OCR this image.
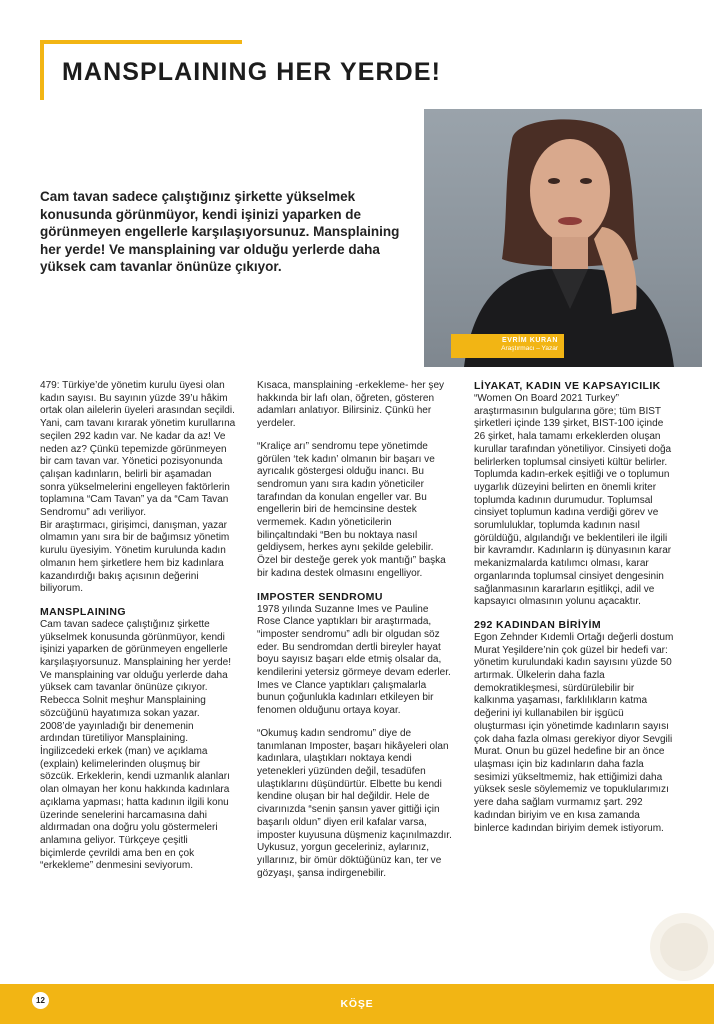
MANSPLAINING HER YERDE!
Cam tavan sadece çalıştığınız şirkette yükselmek konusunda görünmüyor, kendi işinizi yaparken de görünmeyen engellerle karşılaşıyorsunuz. Mansplaining her yerde! Ve mansplaining var olduğu yerlerde daha yüksek cam tavanlar önünüze çıkıyor.
EVRİM KURAN
Araştırmacı – Yazar

479: Türkiye’de yönetim kurulu üyesi olan kadın sayısı. Bu sayının yüzde 39’u hâkim ortak olan ailelerin üyeleri arasından seçildi. Yani, cam tavanı kırarak yönetim kurullarına seçilen 292 kadın var. Ne kadar da az! Ve neden az? Çünkü tepemizde görünmeyen bir cam tavan var. Yönetici pozisyonunda çalışan kadınların, belirli bir aşamadan sonra yükselmelerini engelleyen faktörlerin toplamına “Cam Tavan” ya da “Cam Tavan Sendromu” adı veriliyor.

Bir araştırmacı, girişimci, danışman, yazar olmamın yanı sıra bir de bağımsız yönetim kurulu üyesiyim. Yönetim kurulunda kadın olmanın hem şirketlere hem biz kadınlara kazandırdığı bakış açısının değerini biliyorum.

MANSPLAINING

Cam tavan sadece çalıştığınız şirkette yükselmek konusunda görünmüyor, kendi işinizi yaparken de görünmeyen engellerle karşılaşıyorsunuz. Mansplaining her yerde! Ve mansplaining var olduğu yerlerde daha yüksek cam tavanlar önünüze çıkıyor. Rebecca Solnit meşhur Mansplaining sözcüğünü hayatımıza sokan yazar. 2008’de yayınladığı bir denemenin ardından türetiliyor Mansplaining. İngilizcedeki erkek (man) ve açıklama (explain) kelimelerinden oluşmuş bir sözcük. Erkeklerin, kendi uzmanlık alanları olan olmayan her konu hakkında kadınlara açıklama yapması; hatta kadının ilgili konu üzerinde senelerini harcamasına dahi aldırmadan ona doğru yolu göstermeleri anlamına geliyor. Türkçeye çeşitli biçimlerde çevrildi ama ben en çok “erkekleme” denmesini seviyorum.

Kısaca, mansplaining -erkekleme- her şey hakkında bir lafı olan, öğreten, gösteren adamları anlatıyor. Bilirsiniz. Çünkü her yerdeler.

“Kraliçe arı” sendromu tepe yönetimde görülen ‘tek kadın’ olmanın bir başarı ve ayrıcalık göstergesi olduğu inancı. Bu sendromun yanı sıra kadın yöneticiler tarafından da konulan engeller var. Bu engellerin biri de hemcinsine destek vermemek. Kadın yöneticilerin bilinçaltındaki “Ben bu noktaya nasıl geldiysem, herkes aynı şekilde gelebilir. Özel bir desteğe gerek yok mantığı” başka bir kadına destek olmasını engelliyor.

IMPOSTER SENDROMU

1978 yılında Suzanne Imes ve Pauline Rose Clance yaptıkları bir araştırmada, “imposter sendromu” adlı bir olgudan söz eder. Bu sendromdan dertli bireyler hayat boyu sayısız başarı elde etmiş olsalar da, kendilerini yetersiz görmeye devam ederler. Imes ve Clance yaptıkları çalışmalarla bunun çoğunlukla kadınları etkileyen bir fenomen olduğunu ortaya koyar.

“Okumuş kadın sendromu” diye de tanımlanan Imposter, başarı hikâyeleri olan kadınlara, ulaştıkları noktaya kendi yetenekleri yüzünden değil, tesadüfen ulaştıklarını düşündürtür. Elbette bu kendi kendine oluşan bir hal değildir. Hele de civarınızda “senin şansın yaver gittiği için başarılı oldun” diyen eril kafalar varsa, imposter kuyusuna düşmeniz kaçınılmazdır. Uykusuz, yorgun geceleriniz, aylarınız, yıllarınız, bir ömür döktüğünüz kan, ter ve gözyaşı, şansa indirgenebilir.

LİYAKAT, KADIN VE KAPSAYICILIK

“Women On Board 2021 Turkey” araştırmasının bulgularına göre; tüm BIST şirketleri içinde 139 şirket, BIST-100 içinde 26 şirket, hala tamamı erkeklerden oluşan kurullar tarafından yönetiliyor. Cinsiyeti doğa belirlerken toplumsal cinsiyeti kültür belirler. Toplumda kadın-erkek eşitliği ve o toplumun uygarlık düzeyini belirten en önemli kriter toplumda kadının durumudur. Toplumsal cinsiyet toplumun kadına verdiği görev ve sorumluluklar, toplumda kadının nasıl görüldüğü, algılandığı ve beklentileri ile ilgili bir kavramdır. Kadınların iş dünyasının karar mekanizmalarda katılımcı olması, karar organlarında toplumsal cinsiyet dengesinin sağlanmasının kararların eşitlikçi, adil ve kapsayıcı olmasının yolunu açacaktır.

292 KADINDAN BİRİYİM

Egon Zehnder Kıdemli Ortağı değerli dostum Murat Yeşildere’nin çok güzel bir hedefi var: yönetim kurulundaki kadın sayısını yüzde 50 artırmak. Ülkelerin daha fazla demokratikleşmesi, sürdürülebilir bir kalkınma yaşaması, farklılıkların katma değerini iyi kullanabilen bir işgücü oluşturması için yönetimde kadınların sayısı çok daha fazla olması gerekiyor diyor Sevgili Murat. Onun bu güzel hedefine bir an önce ulaşması için biz kadınların daha fazla sesimizi yükseltmemiz, hak ettiğimizi daha yüksek sesle söylememiz ve topuklularımızı yere daha sağlam vurmamız şart. 292 kadından biriyim ve en kısa zamanda binlerce kadından biriyim demek istiyorum.

12	KÖŞE
